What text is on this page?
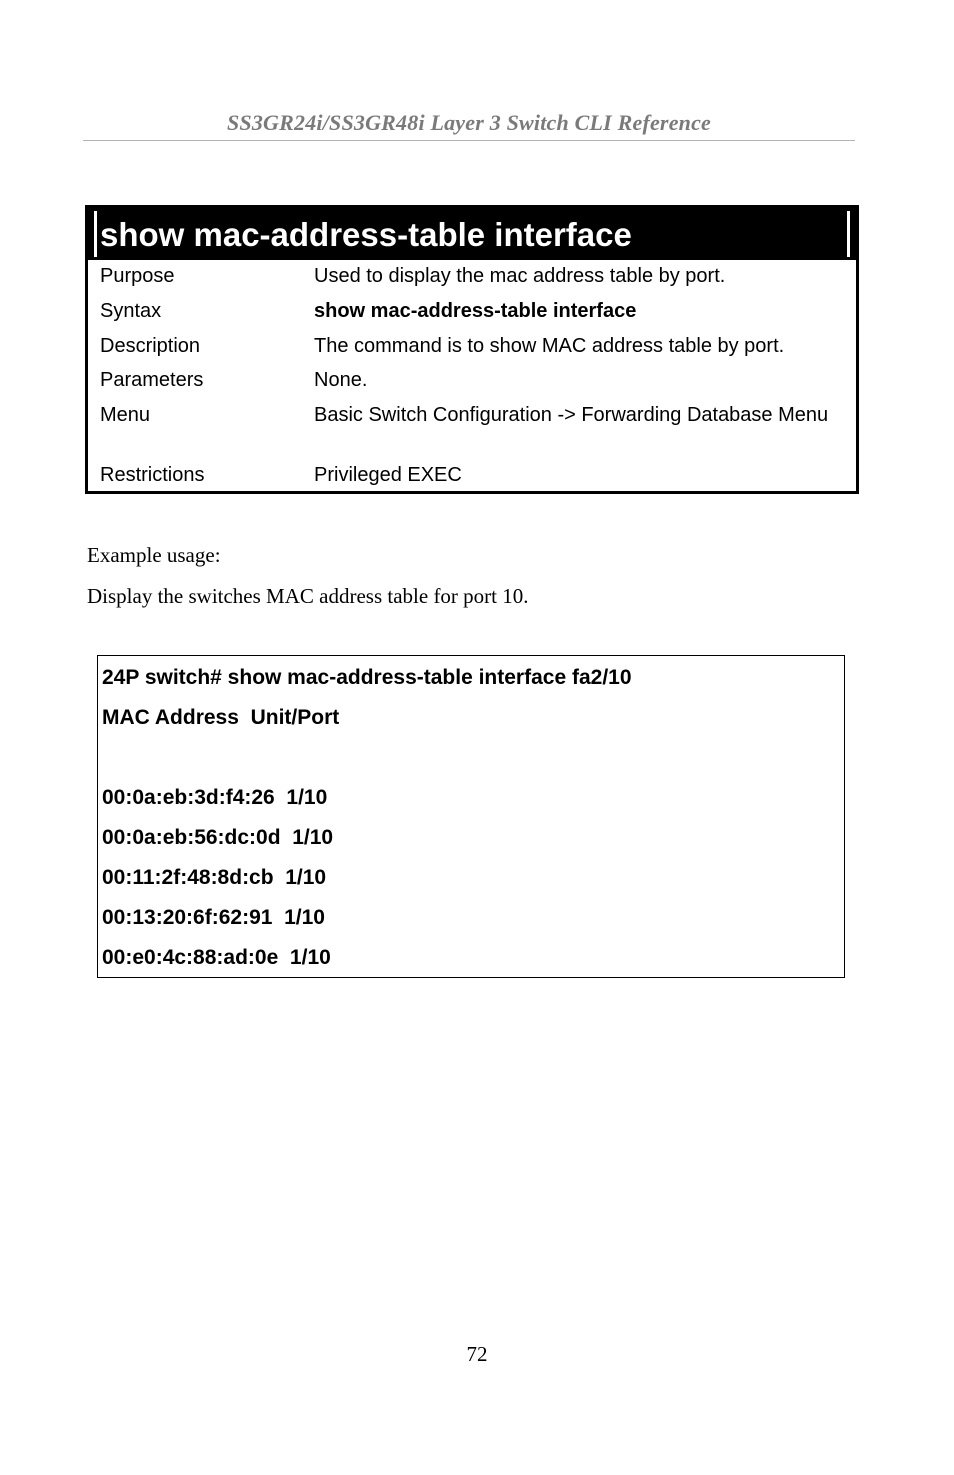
SS3GR24i/SS3GR48i Layer 3 Switch CLI Reference
show mac-address-table interface
Purpose	Used to display the mac address table by port.
Syntax	show mac-address-table interface
Description	The command is to show MAC address table by port.
Parameters	None.
Menu	Basic Switch Configuration -> Forwarding Database Menu
Restrictions	Privileged EXEC
Example usage:
Display the switches MAC address table for port 10.
24P switch# show mac-address-table interface fa2/10
MAC Address  Unit/Port
00:0a:eb:3d:f4:26  1/10
00:0a:eb:56:dc:0d  1/10
00:11:2f:48:8d:cb  1/10
00:13:20:6f:62:91  1/10
00:e0:4c:88:ad:0e  1/10
72
